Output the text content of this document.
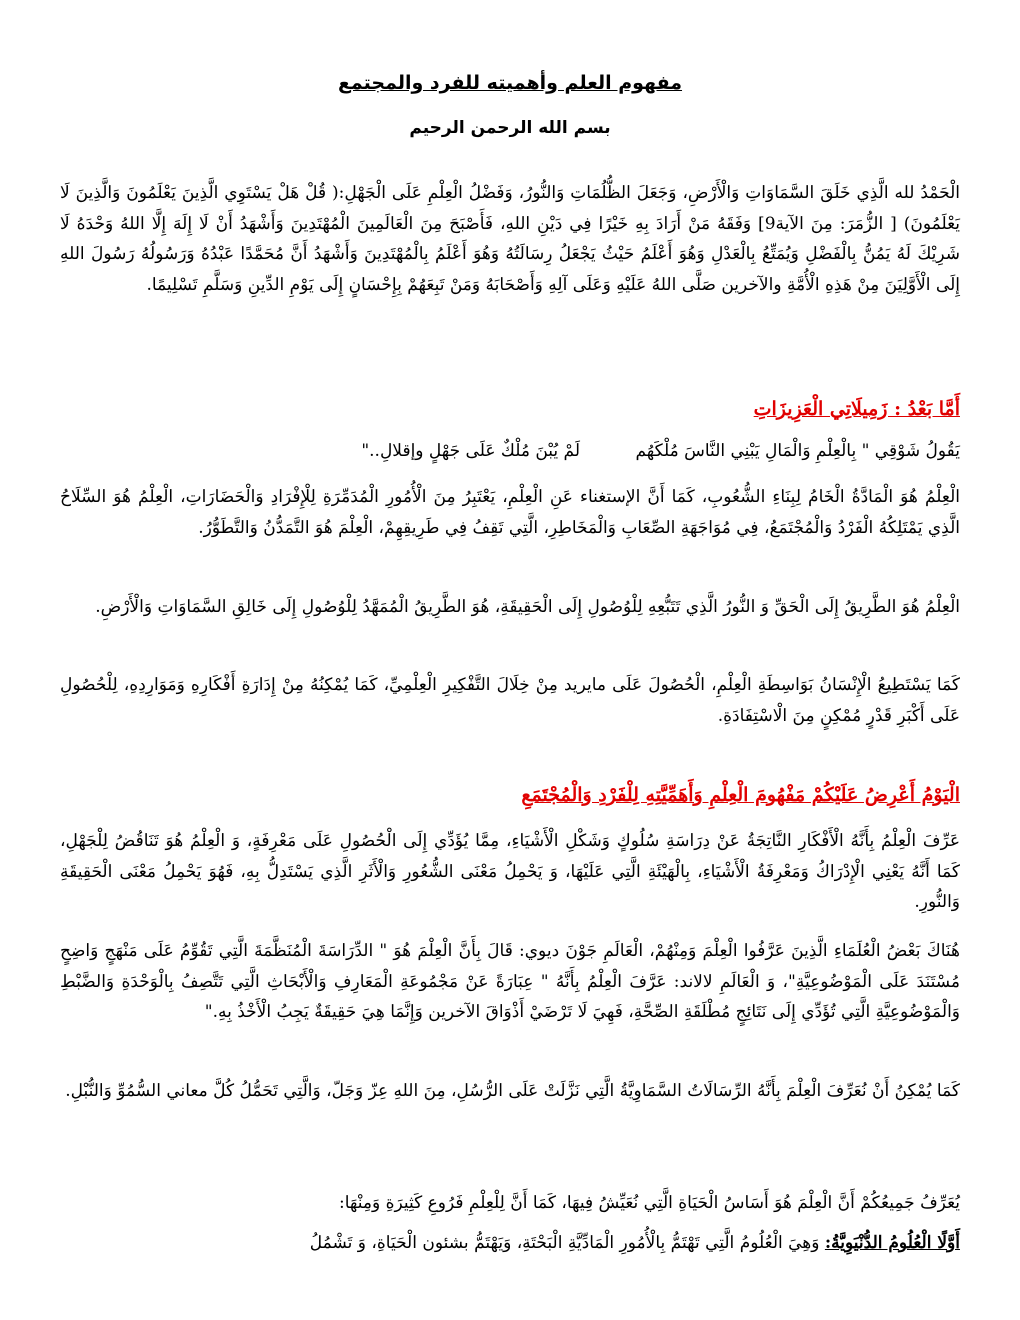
مفهوم العلم وأهميته للفرد والمجتمع
بسم الله الرحمن الرحيم

الْحَمْدُ لله الَّذِي خَلَقَ السَّمَاوَاتِ وَالْأَرْضِ، وَجَعَلَ الظُّلُمَاتِ وَالنُّورُ، وَفَضْلُ الْعِلْمِ عَلَى الْجَهْلِ:( قُلْ هَلْ يَسْتَوِي الَّذِينَ يَعْلَمُونَ وَالَّذِينَ لَا يَعْلَمُونَ) [ الزُّمَرَ: مِنَ الآية9] وَفَقَهُ مَنْ أَرَادَ بِهِ خَيْرًا فِي دَيْنِ اللهِ، فَأَصْبَحَ مِنَ الْعَالَمِينَ الْمُهْتَدِينَ وَأَشْهَدُ أَنْ لَا إِلَهَ إِلَّا اللهُ وَحْدَهُ لَا شَرِيْكَ لَهُ يَمُنُّ بِالْفَضْلِ وَيُمَتِّعُ بِالْعَدْلِ وَهُوَ أَعْلَمُ حَيْثُ يَجْعَلُ رِسَالَتُهُ وَهُوَ أَعْلَمُ بِالْمُهْتَدِينَ وَأَشْهَدُ أَنَّ مُحَمَّدًا عَبْدُهُ وَرَسُولُهُ رَسُولَ اللهِ إِلَى الْأَوَّلِيَنَ مِنْ هَذِهِ الْأُمَّةِ والآخرين صَلَّى اللهُ عَلَيْهِ وَعَلَى آلِهِ وَأَصْحَابَهُ وَمَنْ تَبِعَهُمْ بِإِحْسَانٍ إِلَى يَوْمِ الدِّينِ وَسَلَّمِ تَسْلِيمًا.

أَمَّا بَعْدُ : زَمِيلَاتِي الْعَزِيزَاتِ

يَقُولُ شَوْقِي " بِالْعِلْمِ وَالْمَالِ يَبْنِي النَّاسَ مُلْكَهُم لَمْ يُبْنَ مُلْكٌ عَلَى جَهْلٍ وإقلالِ.."

الْعِلْمُ هُوَ الْمَادَّةُ الْخَامُ لِبِنَاءِ الشُّعُوبِ، كَمَا أَنَّ الإستغناء عَنِ الْعِلْمِ، يَعْتَبِرُ مِنَ الْأُمُورِ الْمُدَمِّرَةِ لِلْإِفْرَادِ وَالْحَضَارَاتِ، الْعِلْمُ هُوَ السِّلَاحُ الَّذِي يَمْتَلِكُهُ الْفَرْدُ وَالْمُجْتَمَعُ، فِي مُوَاجَهَةِ الصِّعَابِ وَالْمَخَاطِرِ، الَّتِي تَقِفُ فِي طَرِيقِهِمْ، الْعِلْمَ هُوَ التَّمَدُّنُ وَالتَّطَوُّرُ.

الْعِلْمُ هُوَ الطَّرِيقُ إِلَى الْحَقِّ وَ النُّورُ الَّذِي تَتَبُّعِهِ لِلْوُصُولِ إِلَى الْحَقِيقَةِ، هُوَ الطَّرِيقُ الْمُمَهَّدُ لِلْوُصُولِ إِلَى خَالِقِ السَّمَاوَاتِ وَالْأَرْضِ.

كَمَا يَسْتَطِيعُ الْإِنْسَانُ بَوَاسِطَةِ الْعِلْمِ، الْحُصُولَ عَلَى مايريد مِنْ خِلَالَ التَّفْكِيرِ الْعِلْمِيِّ، كَمَا يُمْكِنُهُ مِنْ إِدَارَةِ أَفْكَارِهِ وَمَوَارِدِهِ، لِلْحُصُولِ عَلَى أَكْبَرِ قَدْرٍ مُمْكِنٍ مِنَ الْاسْتِفَادَةِ.

الْيَوْمُ أَعْرِضُ عَلَيْكُمْ مَفْهُومَ الْعِلْمِ وَأَهَمِّيَّتِهِ لِلْفَرْدِ وَالْمُجْتَمَعِ

عَرِّفَ الْعِلْمُ بِأَنَّهُ الْأَفْكَارِ النَّاتِجَةُ عَنْ دِرَاسَةِ سُلُوكٍ وَشَكْلِ الْأَشْيَاءِ، مِمَّا يُؤَدِّي إِلَى الْحُصُولِ عَلَى مَعْرِفَةٍ، وَ الْعِلْمُ هُوَ تَنَاقُضُ لِلْجَهْلِ، كَمَا أَنَّهُ يَعْنِي الْإِدْرَاكُ وَمَعْرِفَةُ الْأَشْيَاءِ، بِالْهَيْئَةِ الَّتِي عَلَيْهَا، وَ يَحْمِلُ مَعْنَى الشُّعُورِ وَالْأَثَرِ الَّذِي يَسْتَدِلُّ بِهِ، فَهُوَ يَحْمِلُ مَعْنَى الْحَقِيقَةِ وَالنُّورِ.

هُنَاكَ بَعْضُ الْعُلَمَاءِ الَّذِينَ عَرَّفُوا الْعِلْمَ وَمِنْهُمْ، الْعَالَمِ جَوْنَ ديوي: قَالَ بِأَنَّ الْعِلْمَ هُوَ " الدِّرَاسَةَ الْمُنَظَّمَةَ الَّتِي تَقُوِّمُ عَلَى مَنْهَجٍ وَاضِحٍ مُسْتَنَدَ عَلَى الْمَوْضُوعِيَّةِ"، وَ الْعَالَمِ لالاند: عَرَّفَ الْعِلْمُ بِأَنَّهُ " عِبَارَةً عَنْ مَجْمُوعَةِ الْمَعَارِفِ وَالْأَبْحَاثِ الَّتِي تَتَّصِفُ بِالْوَحْدَةِ وَالضَّبْطِ وَالْمَوْضُوعِيَّةِ الَّتِي تُؤَدِّي إِلَى نَتَائِجٍ مُطْلَقَةِ الصِّحَّةِ، فَهِيَ لَا تَرْضَيْ أَذْوَاقَ الآخرين وَإِنَّمَا هِيَ حَقِيقَةٌ يَجِبُ الْأَخْذُ بِهِ."

كَمَا يُمْكِنُ أَنْ نُعَرِّفَ الْعِلْمَ بِأَنَّهُ الرِّسَالَاتُ السَّمَاوِيَّةُ الَّتِي نَزَّلَتْ عَلَى الرُّسُلِ، مِنَ اللهِ عِزّ وَجَلّ، وَالَّتِي تَحَمُّلُ كُلَّ معاني السُّمُوِّ وَالنُّبْلِ.

يُعَرِّفُ جَمِيعُكُمْ أَنَّ الْعِلْمَ هُوَ أَسَاسُ الْحَيَاةِ الَّتِي نُعَيِّشُ فِيهَا، كَمَا أَنَّ لِلْعِلْمِ فَرُوعِ كَثِيرَةِ وَمِنْهَا:

أَوَّلًا الْعُلُومُ الدُّنْيَوِيَّةُ: وَهِيَ الْعُلُومُ الَّتِي تَهْتَمُّ بِالْأُمُورِ الْمَادِّيَّةِ الْبَحْتَةِ، وَيَهْتَمُّ بشئون الْحَيَاةِ، وَ تَشْمُلُ
